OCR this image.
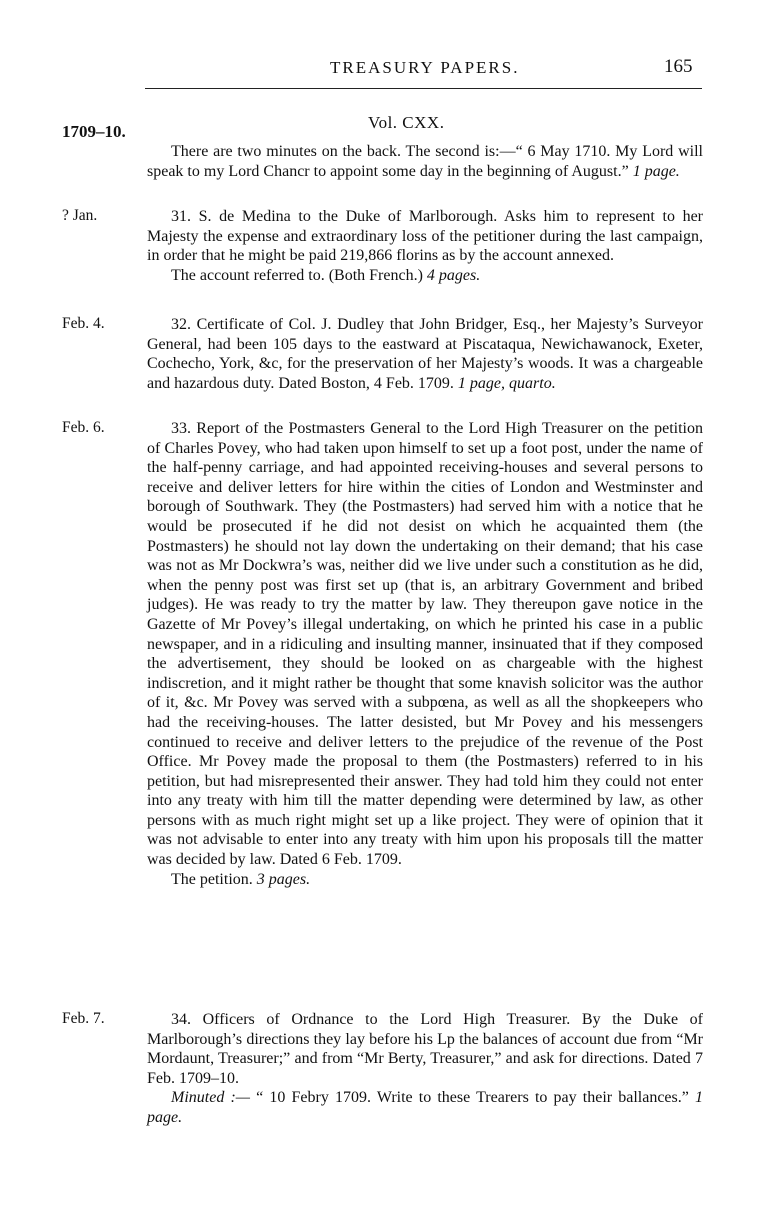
TREASURY PAPERS.	165
Vol. CXX.
1709–10.

There are two minutes on the back. The second is:—“ 6 May 1710. My Lord will speak to my Lord Chancr to appoint some day in the beginning of August.” 1 page.

? Jan.	31. S. de Medina to the Duke of Marlborough. Asks him to represent to her Majesty the expense and extraordinary loss of the petitioner during the last campaign, in order that he might be paid 219,866 florins as by the account annexed.

The account referred to. (Both French.) 4 pages.

Feb. 4.	32. Certificate of Col. J. Dudley that John Bridger, Esq., her Majesty’s Surveyor General, had been 105 days to the eastward at Piscataqua, Newichawanock, Exeter, Cochecho, York, &c, for the preservation of her Majesty’s woods. It was a chargeable and hazardous duty. Dated Boston, 4 Feb. 1709. 1 page, quarto.

Feb. 6.	33. Report of the Postmasters General to the Lord High Treasurer on the petition of Charles Povey, who had taken upon himself to set up a foot post, under the name of the half-penny carriage, and had appointed receiving-houses and several persons to receive and deliver letters for hire within the cities of London and Westminster and borough of Southwark. They (the Postmasters) had served him with a notice that he would be prosecuted if he did not desist on which he acquainted them (the Postmasters) he should not lay down the undertaking on their demand; that his case was not as Mr Dockwra’s was, neither did we live under such a constitution as he did, when the penny post was first set up (that is, an arbitrary Government and bribed judges). He was ready to try the matter by law. They thereupon gave notice in the Gazette of Mr Povey’s illegal undertaking, on which he printed his case in a public newspaper, and in a ridiculing and insulting manner, insinuated that if they composed the advertisement, they should be looked on as chargeable with the highest indiscretion, and it might rather be thought that some knavish solicitor was the author of it, &c. Mr Povey was served with a subpœna, as well as all the shopkeepers who had the receiving-houses. The latter desisted, but Mr Povey and his messengers continued to receive and deliver letters to the prejudice of the revenue of the Post Office. Mr Povey made the proposal to them (the Postmasters) referred to in his petition, but had misrepresented their answer. They had told him they could not enter into any treaty with him till the matter depending were determined by law, as other persons with as much right might set up a like project. They were of opinion that it was not advisable to enter into any treaty with him upon his proposals till the matter was decided by law. Dated 6 Feb. 1709.

The petition. 3 pages.

Feb. 7.	34. Officers of Ordnance to the Lord High Treasurer. By the Duke of Marlborough’s directions they lay before his Lp the balances of account due from “Mr Mordaunt, Treasurer;” and from “Mr Berty, Treasurer,” and ask for directions. Dated 7 Feb. 1709–10.

Minuted :— “ 10 Febry 1709. Write to these Trearers to pay their ballances.” 1 page.
